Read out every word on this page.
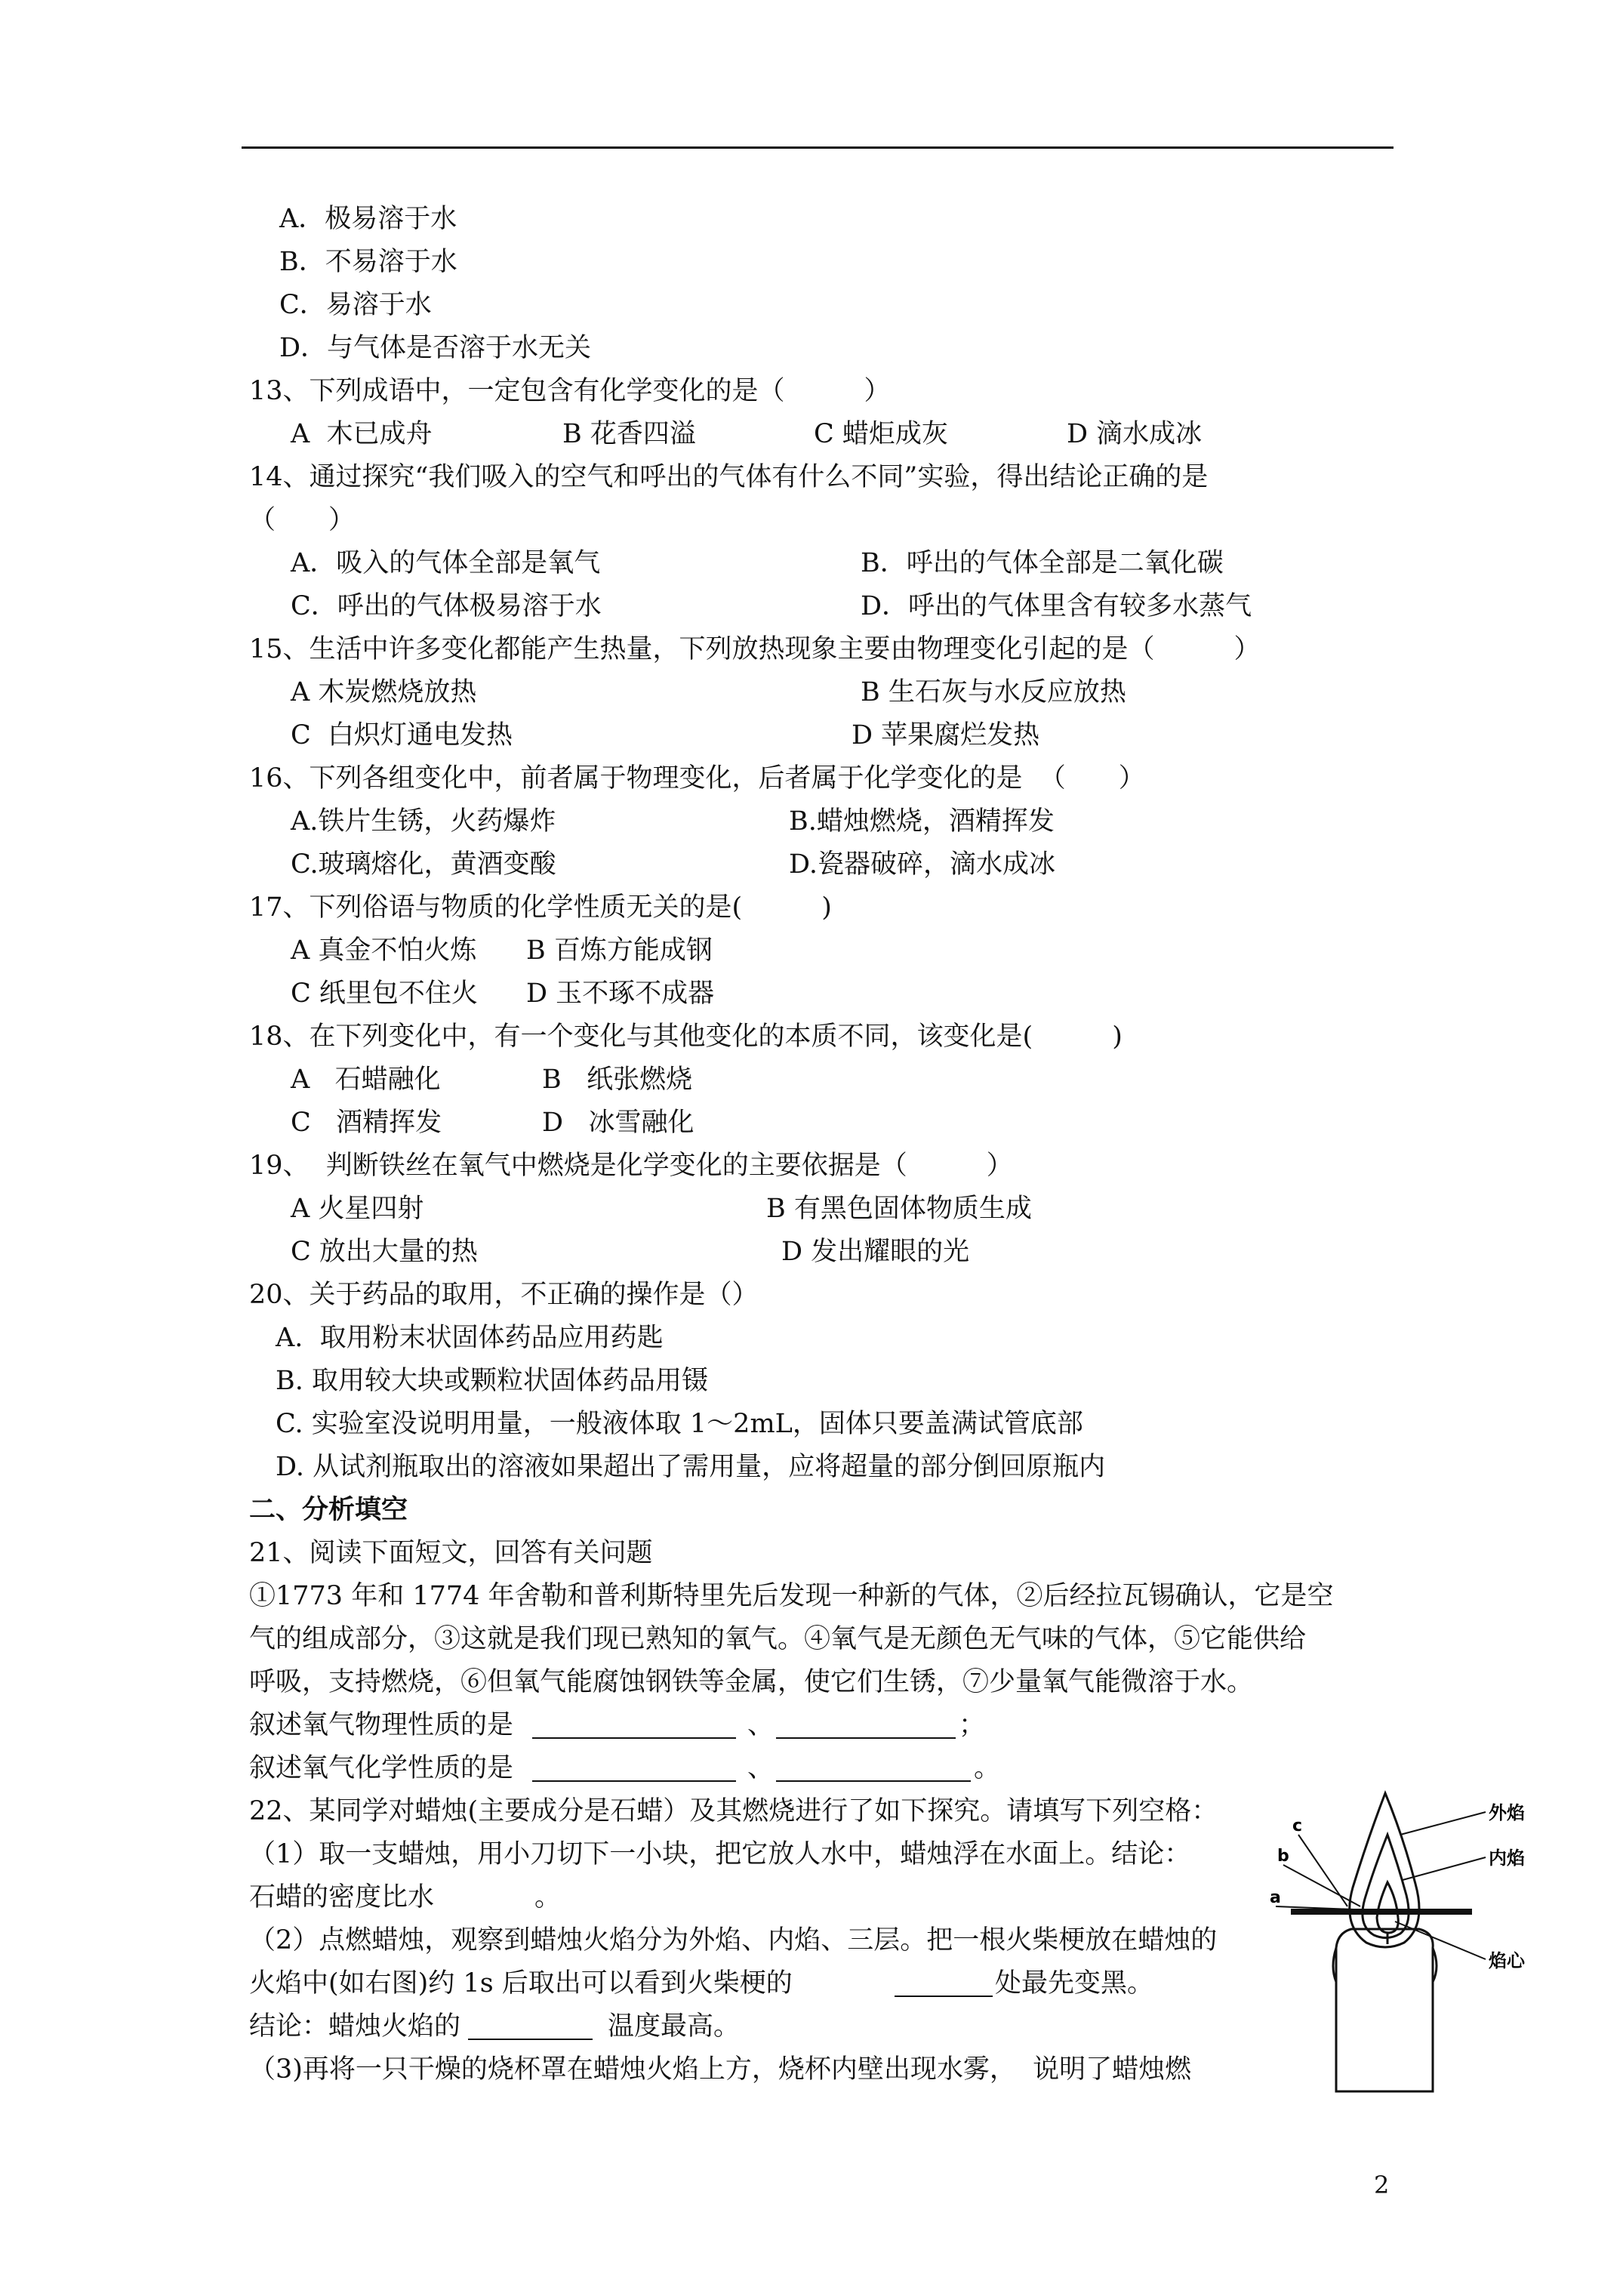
A．极易溶于水
B．不易溶于水
C．易溶于水
D．与气体是否溶于水无关
13、下列成语中，一定包含有化学变化的是（　　　）
A  木已成舟	B 花香四溢	C 蜡炬成灰	D 滴水成冰
14、通过探究“我们吸入的空气和呼出的气体有什么不同”实验，得出结论正确的是
（　　）
A．吸入的气体全部是氧气	B．呼出的气体全部是二氧化碳
C．呼出的气体极易溶于水	D．呼出的气体里含有较多水蒸气
15、生活中许多变化都能产生热量，下列放热现象主要由物理变化引起的是（　　　）
A 木炭燃烧放热	B 生石灰与水反应放热
C  白炽灯通电发热	D 苹果腐烂发热
16、下列各组变化中，前者属于物理变化，后者属于化学变化的是  （　　）
A.铁片生锈，火药爆炸	B.蜡烛燃烧，酒精挥发
C.玻璃熔化，黄酒变酸	D.瓷器破碎，滴水成冰
17、下列俗语与物质的化学性质无关的是(　　　)
A 真金不怕火炼 B 百炼方能成钢
C 纸里包不住火 D 玉不琢不成器
18、在下列变化中，有一个变化与其他变化的本质不同，该变化是(　　　)
A   石蜡融化	B   纸张燃烧
C   酒精挥发	D   冰雪融化
19、  判断铁丝在氧气中燃烧是化学变化的主要依据是（　　　）
A 火星四射	B 有黑色固体物质生成
C 放出大量的热	D 发出耀眼的光
20、关于药品的取用，不正确的操作是（）
A.  取用粉末状固体药品应用药匙
B. 取用较大块或颗粒状固体药品用镊
C. 实验室没说明用量，一般液体取 1～2mL，固体只要盖满试管底部
D. 从试剂瓶取出的溶液如果超出了需用量，应将超量的部分倒回原瓶内
二、分析填空
21、阅读下面短文，回答有关问题
①1773 年和 1774 年舍勒和普利斯特里先后发现一种新的气体，②后经拉瓦锡确认，它是空
气的组成部分，③这就是我们现已熟知的氧气。④氧气是无颜色无气味的气体，⑤它能供给
呼吸，支持燃烧，⑥但氧气能腐蚀钢铁等金属，使它们生锈，⑦少量氧气能微溶于水。
叙述氧气物理性质的是	、	；
叙述氧气化学性质的是	、	。
22、某同学对蜡烛(主要成分是石蜡）及其燃烧进行了如下探究。请填写下列空格：
（1）取一支蜡烛，用小刀切下一小块，把它放人水中，蜡烛浮在水面上。结论：
石蜡的密度比水	。
（2）点燃蜡烛，观察到蜡烛火焰分为外焰、内焰、三层。把一根火柴梗放在蜡烛的
火焰中(如右图)约 1s 后取出可以看到火柴梗的	处最先变黑。
结论：蜡烛火焰的	温度最高。
（3)再将一只干燥的烧杯罩在蜡烛火焰上方，烧杯内壁出现水雾，  说明了蜡烛燃
外焰
内焰
焰心
c
b
a
2
